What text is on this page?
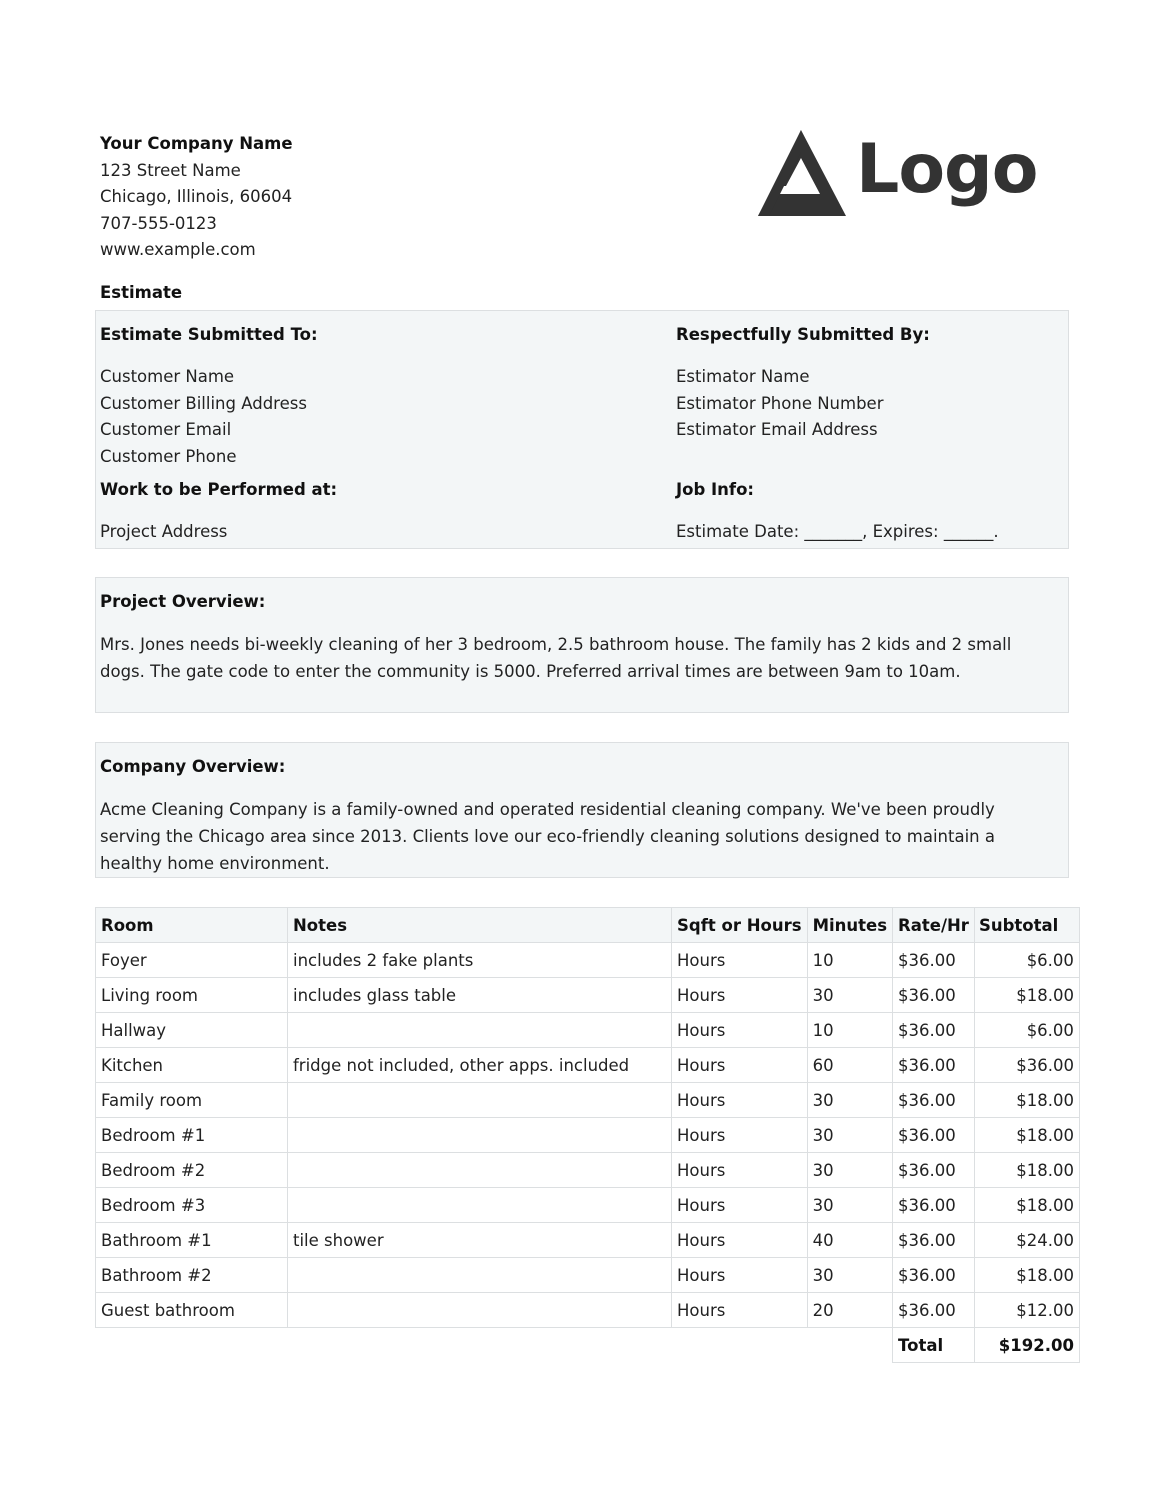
Your Company Name
123 Street Name
Chicago, Illinois, 60604
707-555-0123
www.example.com
Logo
Estimate
Estimate Submitted To:
Customer Name
Customer Billing Address
Customer Email
Customer Phone
Work to be Performed at:
Project Address
Respectfully Submitted By:
Estimator Name
Estimator Phone Number
Estimator Email Address
Job Info:
Estimate Date: _______, Expires: ______.
Project Overview:
Mrs. Jones needs bi-weekly cleaning of her 3 bedroom, 2.5 bathroom house. The family has 2 kids and 2 small dogs. The gate code to enter the community is 5000. Preferred arrival times are between 9am to 10am.
Company Overview:
Acme Cleaning Company is a family-owned and operated residential cleaning company. We've been proudly serving the Chicago area since 2013. Clients love our eco-friendly cleaning solutions designed to maintain a healthy home environment.
Room	Notes	Sqft or Hours	Minutes	Rate/Hr	Subtotal
Foyer	includes 2 fake plants	Hours	10	$36.00	$6.00
Living room	includes glass table	Hours	30	$36.00	$18.00
Hallway		Hours	10	$36.00	$6.00
Kitchen	fridge not included, other apps. included	Hours	60	$36.00	$36.00
Family room		Hours	30	$36.00	$18.00
Bedroom #1		Hours	30	$36.00	$18.00
Bedroom #2		Hours	30	$36.00	$18.00
Bedroom #3		Hours	30	$36.00	$18.00
Bathroom #1	tile shower	Hours	40	$36.00	$24.00
Bathroom #2		Hours	30	$36.00	$18.00
Guest bathroom		Hours	20	$36.00	$12.00
				Total	$192.00
